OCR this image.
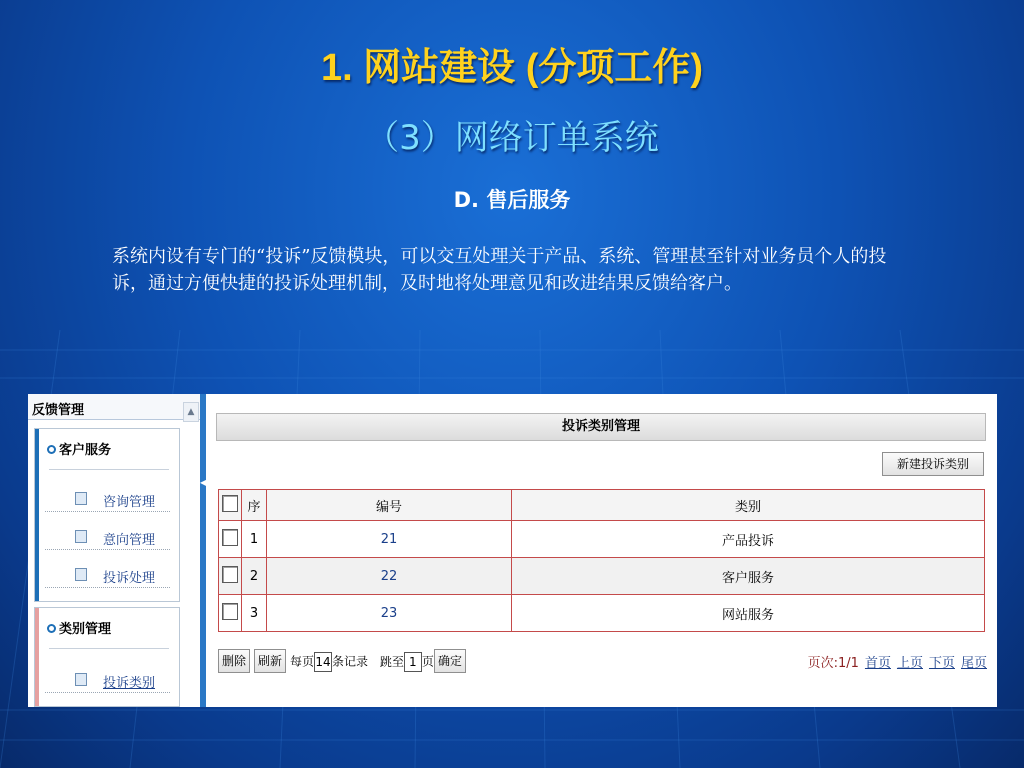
1. 网站建设 (分项工作)
（3）网络订单系统
D. 售后服务
系统内设有专门的“投诉”反馈模块，可以交互处理关于产品、系统、管理甚至针对业务员个人的投诉，通过方便快捷的投诉处理机制，及时地将处理意见和改进结果反馈给客户。
反馈管理	▲
客户服务
咨询管理
意向管理
投诉处理
类别管理
投诉类别
◀
投诉类别管理
新建投诉类别
	序	编号	类别
	1	21	产品投诉
	2	22	客户服务
	3	23	网站服务
删除 刷新 每页14条记录 跳至 1 页 确定	页次:1/1 首页 上页 下页 尾页
